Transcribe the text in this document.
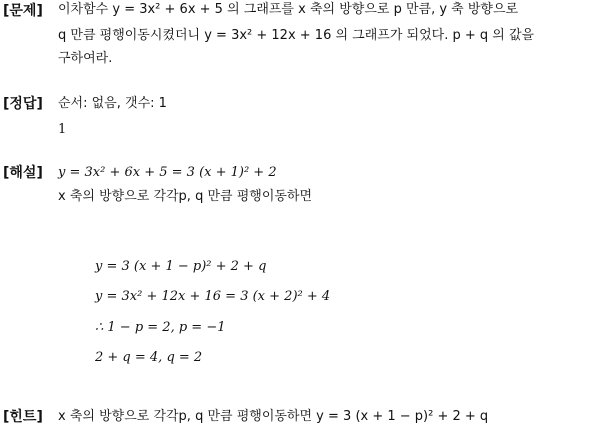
[문제] 이차함수 y = 3x² + 6x + 5 의 그래프를 x 축의 방향으로 p 만큼, y 축 방향으로
q 만큼 평행이동시켰더니 y = 3x² + 12x + 16 의 그래프가 되었다. p + q 의 값을
구하여라.
[정답] 순서: 없음, 갯수: 1
1
[해설] y = 3x² + 6x + 5 = 3 (x + 1)² + 2
x 축의 방향으로 각각p, q 만큼 평행이동하면
y = 3 (x + 1 − p)² + 2 + q
y = 3x² + 12x + 16 = 3 (x + 2)² + 4
∴ 1 − p = 2, p = −1
2 + q = 4, q = 2
[힌트] x 축의 방향으로 각각p, q 만큼 평행이동하면 y = 3 (x + 1 − p)² + 2 + q
